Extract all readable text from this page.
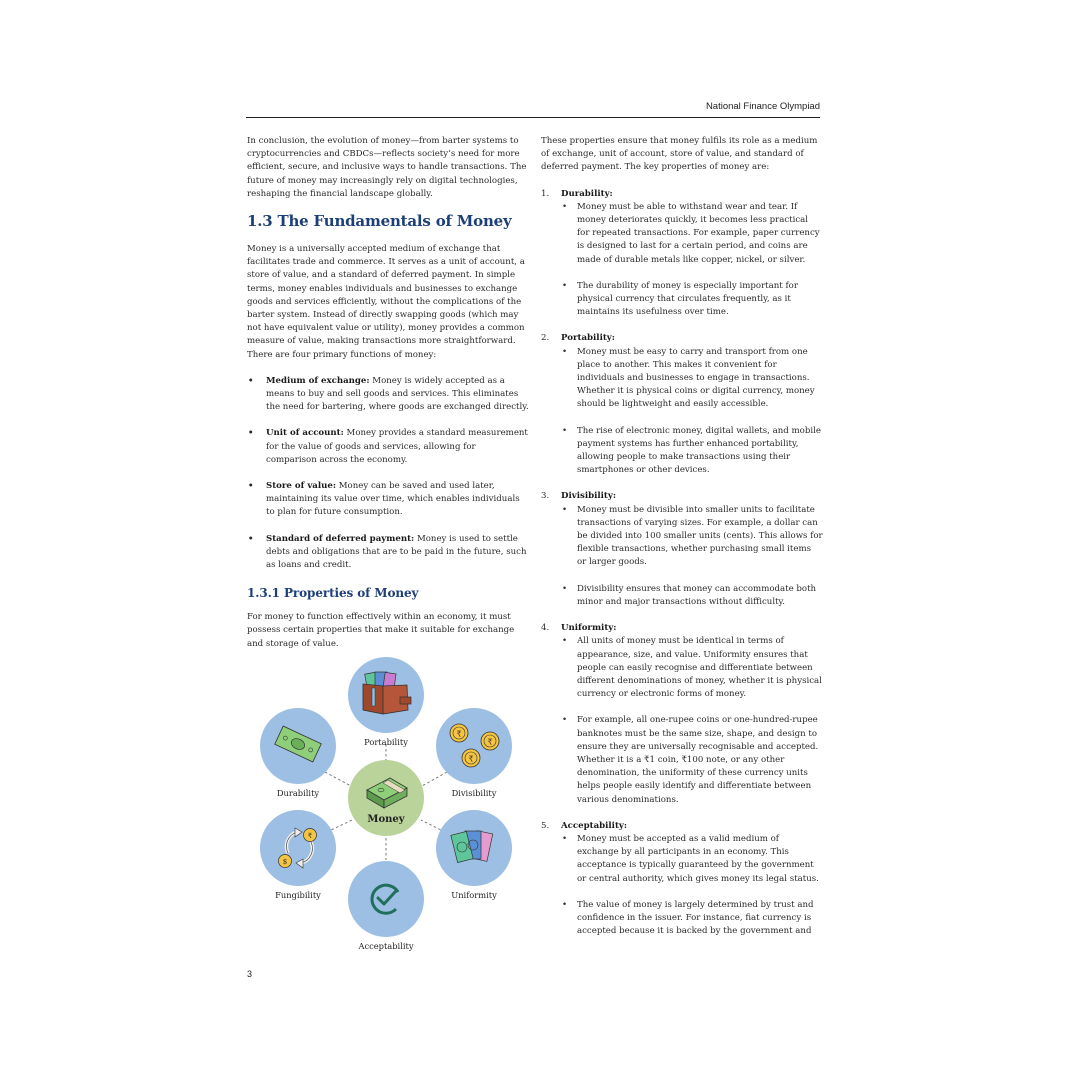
National Finance Olympiad

In conclusion, the evolution of money—from barter systems to cryptocurrencies and CBDCs—reflects society’s need for more efficient, secure, and inclusive ways to handle transactions. The future of money may increasingly rely on digital technologies, reshaping the financial landscape globally.

1.3 The Fundamentals of Money

Money is a universally accepted medium of exchange that facilitates trade and commerce. It serves as a unit of account, a store of value, and a standard of deferred payment. In simple terms, money enables individuals and businesses to exchange goods and services efficiently, without the complications of the barter system. Instead of directly swapping goods (which may not have equivalent value or utility), money provides a common measure of value, making transactions more straightforward. There are four primary functions of money:

• Medium of exchange: Money is widely accepted as a means to buy and sell goods and services. This eliminates the need for bartering, where goods are exchanged directly.
• Unit of account: Money provides a standard measurement for the value of goods and services, allowing for comparison across the economy.
• Store of value: Money can be saved and used later, maintaining its value over time, which enables individuals to plan for future consumption.
• Standard of deferred payment: Money is used to settle debts and obligations that are to be paid in the future, such as loans and credit.
1.3.1 Properties of Money

For money to function effectively within an economy, it must possess certain properties that make it suitable for exchange and storage of value.

Portability
Durability
₹
₹
₹
Divisibility
Money
₹
$
Fungibility	Uniformity
Acceptability

These properties ensure that money fulfils its role as a medium of exchange, unit of account, store of value, and standard of deferred payment. The key properties of money are:

1. Durability:
• Money must be able to withstand wear and tear. If money deteriorates quickly, it becomes less practical for repeated transactions. For example, paper currency is designed to last for a certain period, and coins are made of durable metals like copper, nickel, or silver.
• The durability of money is especially important for physical currency that circulates frequently, as it maintains its usefulness over time.
2. Portability:
• Money must be easy to carry and transport from one place to another. This makes it convenient for individuals and businesses to engage in transactions. Whether it is physical coins or digital currency, money should be lightweight and easily accessible.
• The rise of electronic money, digital wallets, and mobile payment systems has further enhanced portability, allowing people to make transactions using their smartphones or other devices.
3. Divisibility:
• Money must be divisible into smaller units to facilitate transactions of varying sizes. For example, a dollar can be divided into 100 smaller units (cents). This allows for flexible transactions, whether purchasing small items or larger goods.
• Divisibility ensures that money can accommodate both minor and major transactions without difficulty.
4. Uniformity:
• All units of money must be identical in terms of appearance, size, and value. Uniformity ensures that people can easily recognise and differentiate between different denominations of money, whether it is physical currency or electronic forms of money.
• For example, all one-rupee coins or one-hundred-rupee banknotes must be the same size, shape, and design to ensure they are universally recognisable and accepted. Whether it is a ₹1 coin, ₹100 note, or any other denomination, the uniformity of these currency units helps people easily identify and differentiate between various denominations.
5. Acceptability:
• Money must be accepted as a valid medium of exchange by all participants in an economy. This acceptance is typically guaranteed by the government or central authority, which gives money its legal status.
• The value of money is largely determined by trust and confidence in the issuer. For instance, fiat currency is accepted because it is backed by the government and
3
